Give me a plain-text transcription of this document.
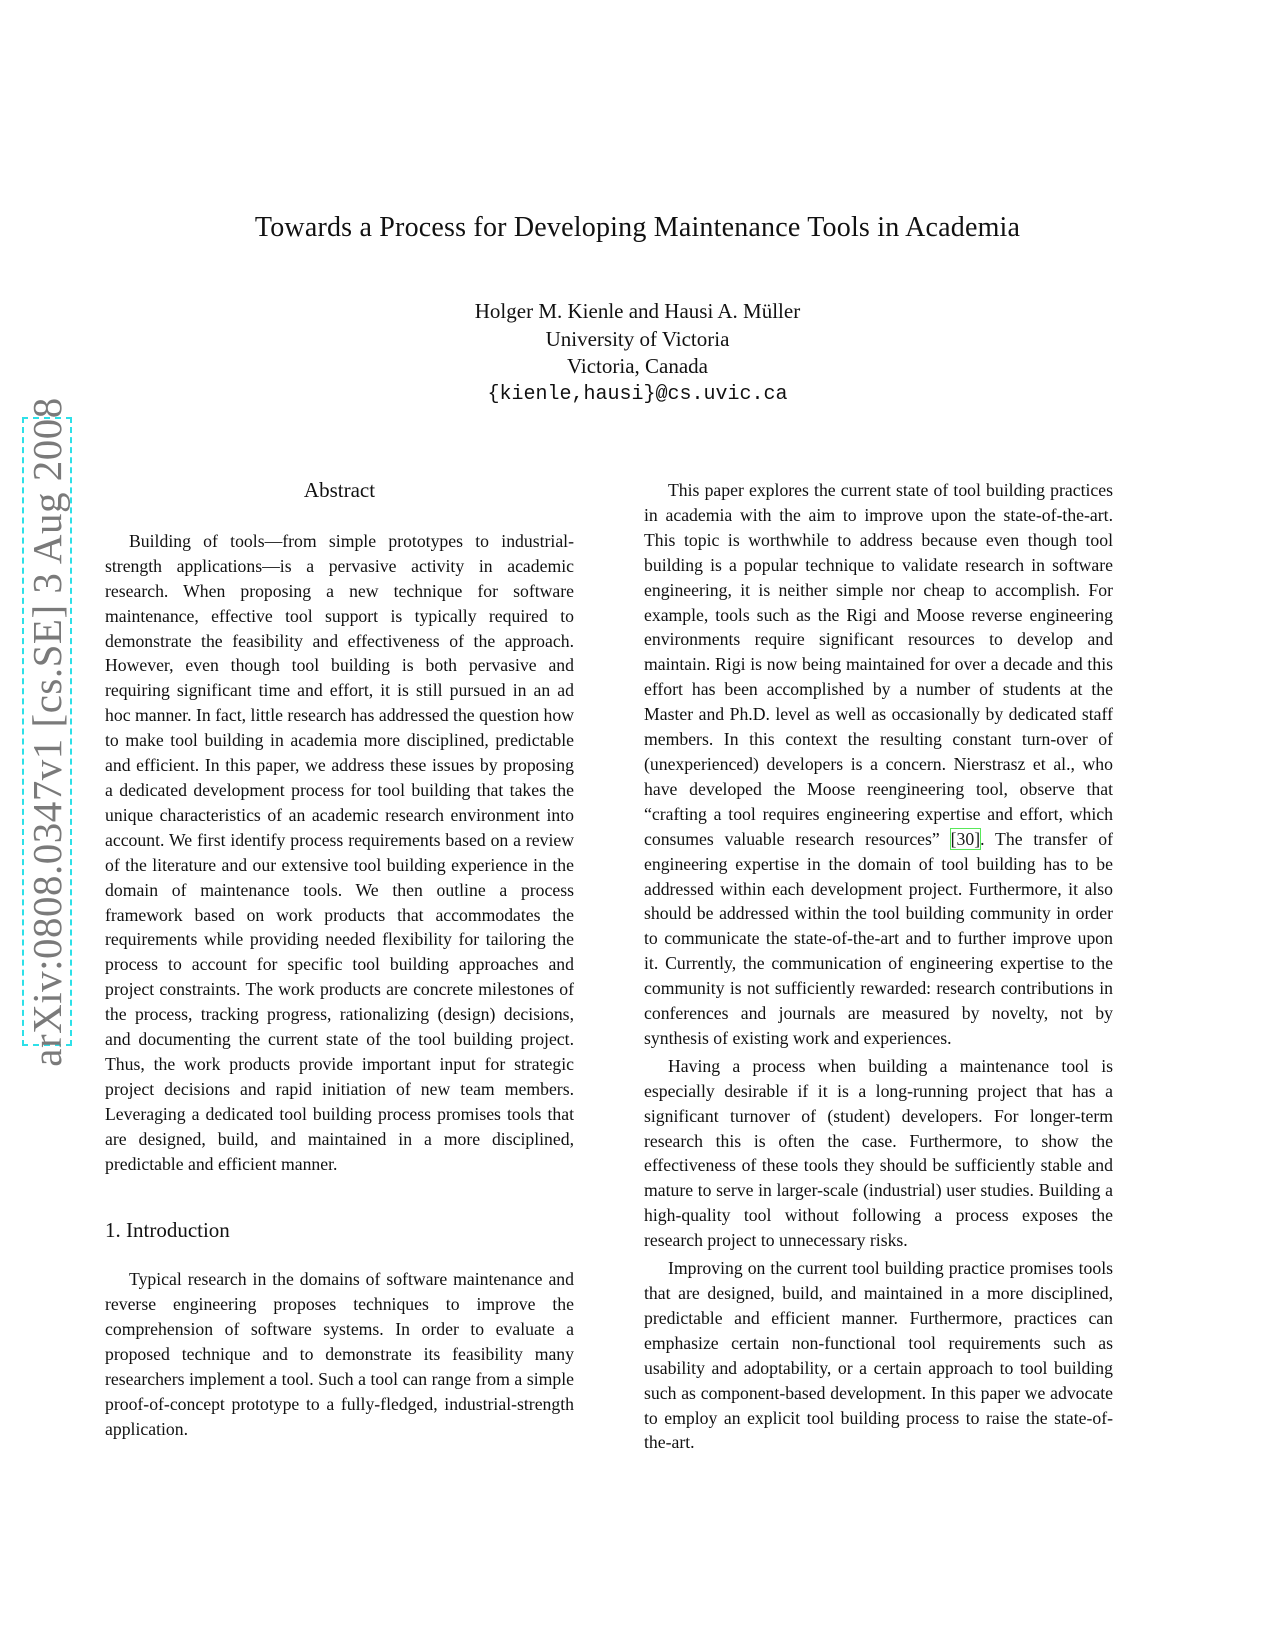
Towards a Process for Developing Maintenance Tools in Academia
Holger M. Kienle and Hausi A. Müller
University of Victoria
Victoria, Canada
{kienle,hausi}@cs.uvic.ca
arXiv:0808.0347v1 [cs.SE] 3 Aug 2008	Abstract

Building of tools—from simple prototypes to industrial-strength applications—is a pervasive activity in academic research. When proposing a new technique for software maintenance, effective tool support is typically required to demonstrate the feasibility and effectiveness of the approach. However, even though tool building is both pervasive and requiring significant time and effort, it is still pursued in an ad hoc manner. In fact, little research has addressed the question how to make tool building in academia more disciplined, predictable and efficient. In this paper, we address these issues by proposing a dedicated development process for tool building that takes the unique characteristics of an academic research environment into account. We first identify process requirements based on a review of the literature and our extensive tool building experience in the domain of maintenance tools. We then outline a process framework based on work products that accommodates the requirements while providing needed flexibility for tailoring the process to account for specific tool building approaches and project constraints. The work products are concrete milestones of the process, tracking progress, rationalizing (design) decisions, and documenting the current state of the tool building project. Thus, the work products provide important input for strategic project decisions and rapid initiation of new team members. Leveraging a dedicated tool building process promises tools that are designed, build, and maintained in a more disciplined, predictable and efficient manner.

1. Introduction

Typical research in the domains of software maintenance and reverse engineering proposes techniques to improve the comprehension of software systems. In order to evaluate a proposed technique and to demonstrate its feasibility many researchers implement a tool. Such a tool can range from a simple proof-of-concept prototype to a fully-fledged, industrial-strength application.

This paper explores the current state of tool building practices in academia with the aim to improve upon the state-of-the-art. This topic is worthwhile to address because even though tool building is a popular technique to validate research in software engineering, it is neither simple nor cheap to accomplish. For example, tools such as the Rigi and Moose reverse engineering environments require significant resources to develop and maintain. Rigi is now being maintained for over a decade and this effort has been accomplished by a number of students at the Master and Ph.D. level as well as occasionally by dedicated staff members. In this context the resulting constant turn-over of (unexperienced) developers is a concern. Nierstrasz et al., who have developed the Moose reengineering tool, observe that “crafting a tool requires engineering expertise and effort, which consumes valuable research resources” [30]. The transfer of engineering expertise in the domain of tool building has to be addressed within each development project. Furthermore, it also should be addressed within the tool building community in order to communicate the state-of-the-art and to further improve upon it. Currently, the communication of engineering expertise to the community is not sufficiently rewarded: research contributions in conferences and journals are measured by novelty, not by synthesis of existing work and experiences.

Having a process when building a maintenance tool is especially desirable if it is a long-running project that has a significant turnover of (student) developers. For longer-term research this is often the case. Furthermore, to show the effectiveness of these tools they should be sufficiently stable and mature to serve in larger-scale (industrial) user studies. Building a high-quality tool without following a process exposes the research project to unnecessary risks.

Improving on the current tool building practice promises tools that are designed, build, and maintained in a more disciplined, predictable and efficient manner. Furthermore, practices can emphasize certain non-functional tool requirements such as usability and adoptability, or a certain approach to tool building such as component-based development. In this paper we advocate to employ an explicit tool building process to raise the state-of-the-art.
